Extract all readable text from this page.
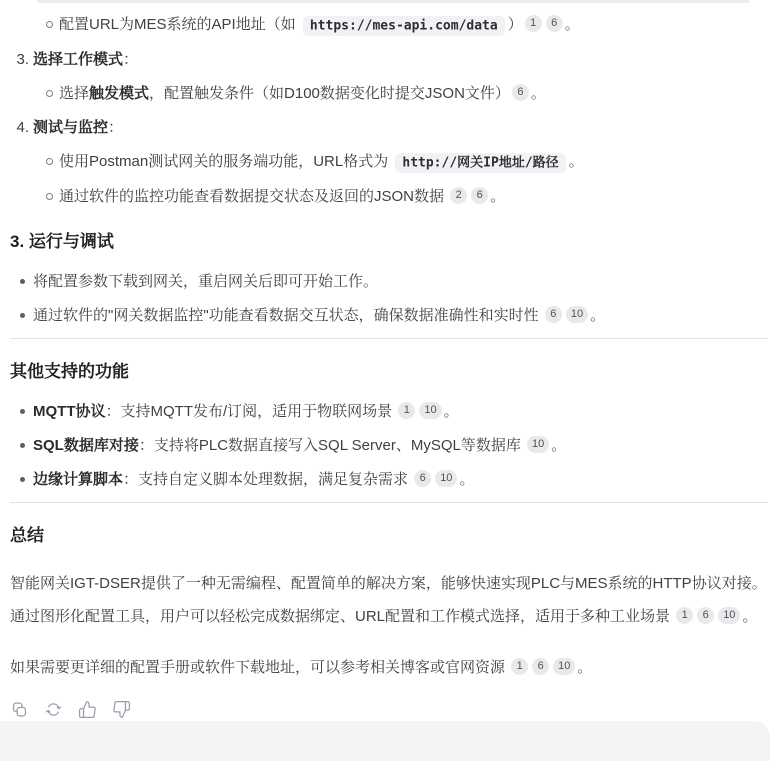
配置URL为MES系统的API地址（如 https://mes-api.com/data ） 1 6 。
3. 选择工作模式：
选择触发模式，配置触发条件（如D100数据变化时提交JSON文件） 6 。
4. 测试与监控：
使用Postman测试网关的服务端功能，URL格式为 http://网关IP地址/路径 。
通过软件的监控功能查看数据提交状态及返回的JSON数据 2 6 。
3. 运行与调试
将配置参数下载到网关，重启网关后即可开始工作。
通过软件的"网关数据监控"功能查看数据交互状态，确保数据准确性和实时性 6 10 。
其他支持的功能
MQTT协议：支持MQTT发布/订阅，适用于物联网场景 1 10 。
SQL数据库对接：支持将PLC数据直接写入SQL Server、MySQL等数据库 10 。
边缘计算脚本：支持自定义脚本处理数据，满足复杂需求 6 10 。
总结
智能网关IGT-DSER提供了一种无需编程、配置简单的解决方案，能够快速实现PLC与MES系统的HTTP协议对接。通过图形化配置工具，用户可以轻松完成数据绑定、URL配置和工作模式选择，适用于多种工业场景 1 6 10 。
如果需要更详细的配置手册或软件下载地址，可以参考相关博客或官网资源 1 6 10 。
